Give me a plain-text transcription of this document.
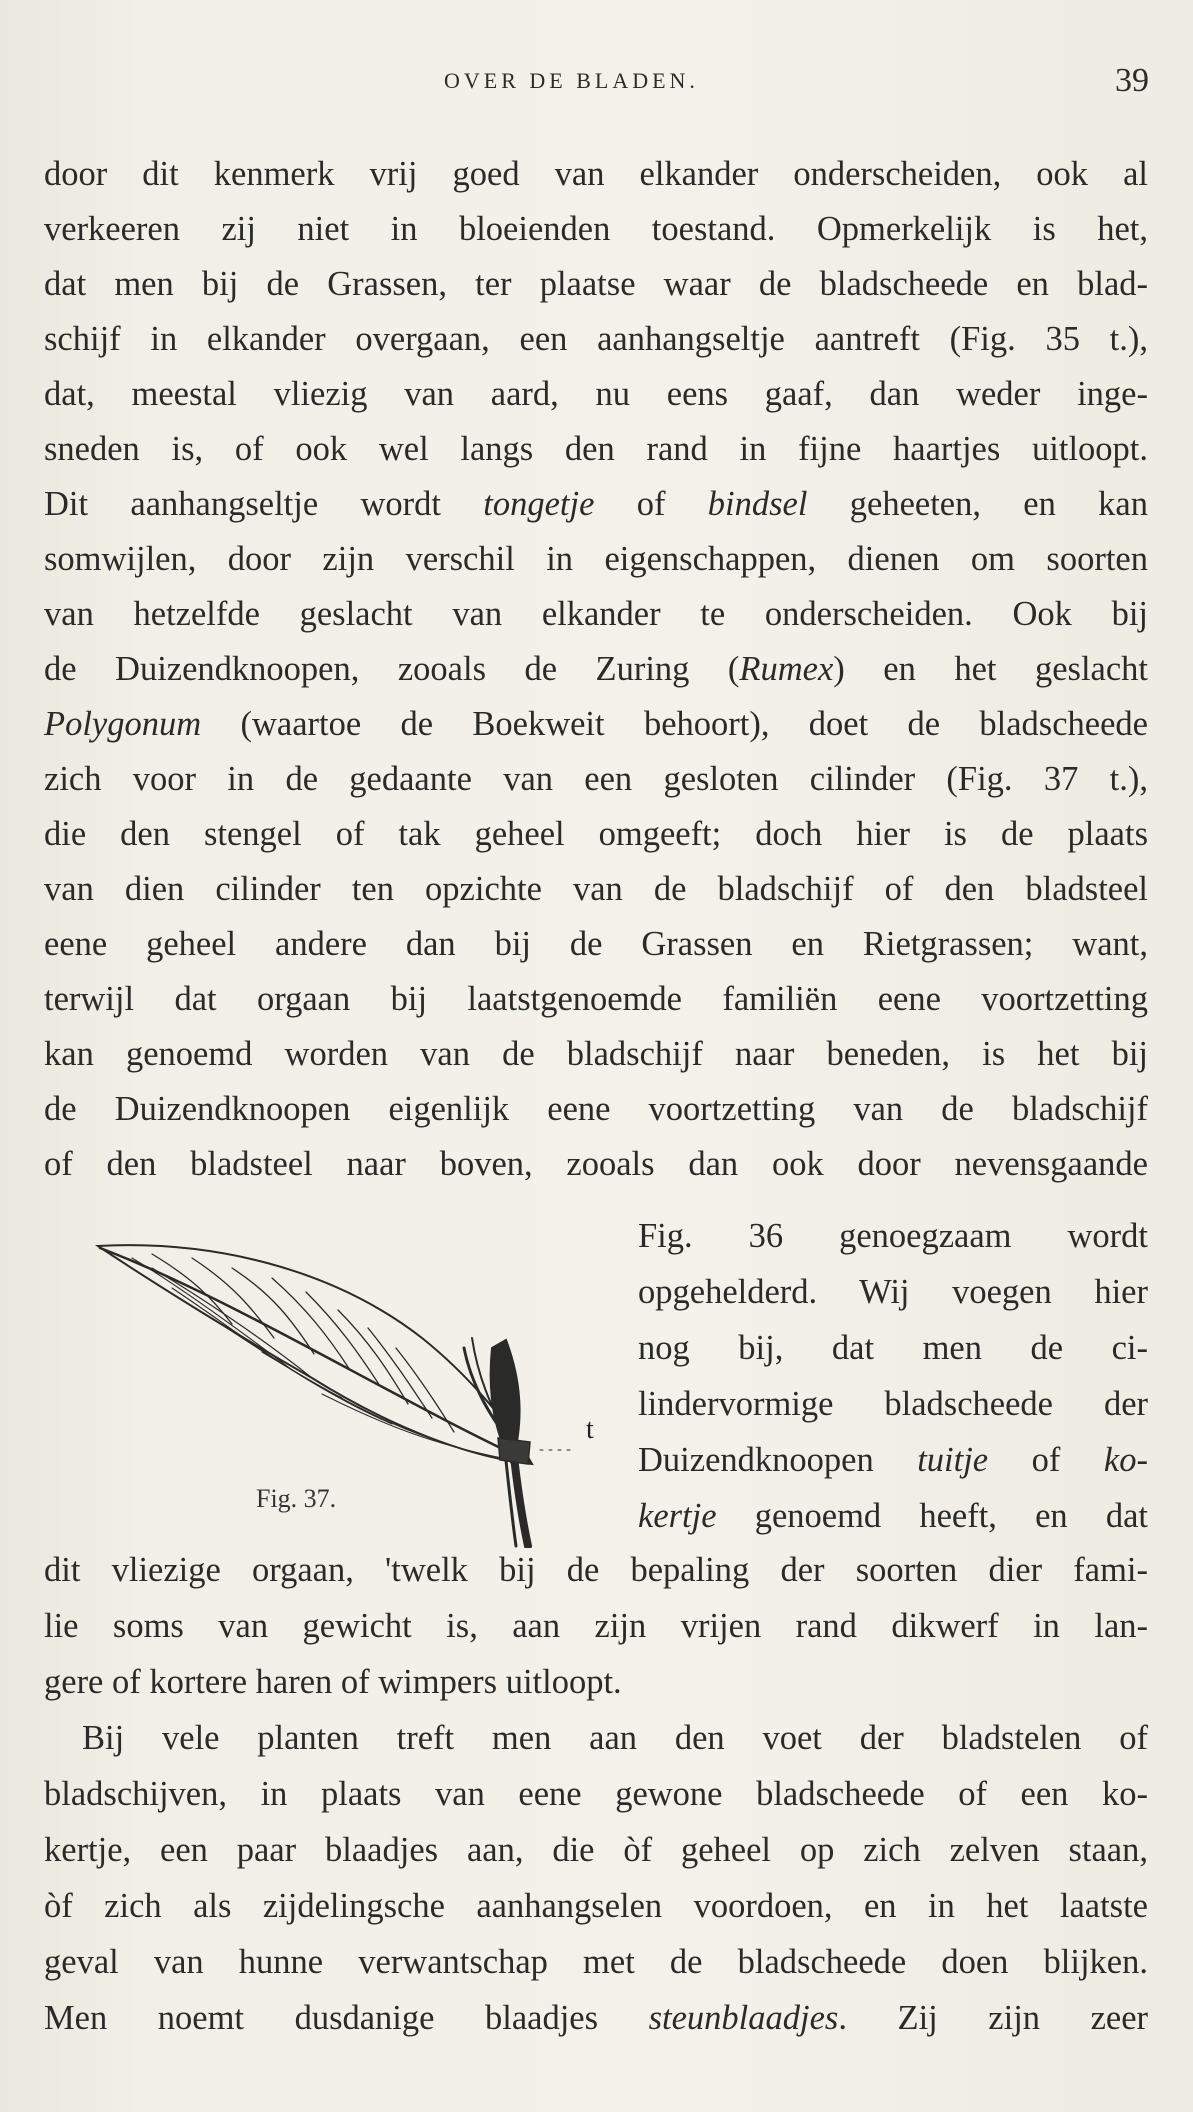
OVER DE BLADEN.	39
door dit kenmerk vrij goed van elkander onderscheiden, ook al
verkeeren zij niet in bloeienden toestand. Opmerkelijk is het,
dat men bij de Grassen, ter plaatse waar de bladscheede en blad-
schijf in elkander overgaan, een aanhangseltje aantreft (Fig. 35 t.),
dat, meestal vliezig van aard, nu eens gaaf, dan weder inge-
sneden is, of ook wel langs den rand in fijne haartjes uitloopt.
Dit aanhangseltje wordt tongetje of bindsel geheeten, en kan
somwijlen, door zijn verschil in eigenschappen, dienen om soorten
van hetzelfde geslacht van elkander te onderscheiden. Ook bij
de Duizendknoopen, zooals de Zuring (Rumex) en het geslacht
Polygonum (waartoe de Boekweit behoort), doet de bladscheede
zich voor in de gedaante van een gesloten cilinder (Fig. 37 t.),
die den stengel of tak geheel omgeeft; doch hier is de plaats
van dien cilinder ten opzichte van de bladschijf of den bladsteel
eene geheel andere dan bij de Grassen en Rietgrassen; want,
terwijl dat orgaan bij laatstgenoemde familiën eene voortzetting
kan genoemd worden van de bladschijf naar beneden, is het bij
de Duizendknoopen eigenlijk eene voortzetting van de bladschijf
of den bladsteel naar boven, zooals dan ook door nevensgaande
Fig. 36 genoegzaam wordt
opgehelderd. Wij voegen hier
nog bij, dat men de ci-
lindervormige bladscheede der
Duizendknoopen tuitje of ko-
kertje genoemd heeft, en dat
t
Fig. 37.
dit vliezige orgaan, 'twelk bij de bepaling der soorten dier fami-
lie soms van gewicht is, aan zijn vrijen rand dikwerf in lan-
gere of kortere haren of wimpers uitloopt.
Bij vele planten treft men aan den voet der bladstelen of
bladschijven, in plaats van eene gewone bladscheede of een ko-
kertje, een paar blaadjes aan, die òf geheel op zich zelven staan,
òf zich als zijdelingsche aanhangselen voordoen, en in het laatste
geval van hunne verwantschap met de bladscheede doen blijken.
Men noemt dusdanige blaadjes steunblaadjes. Zij zijn zeer
